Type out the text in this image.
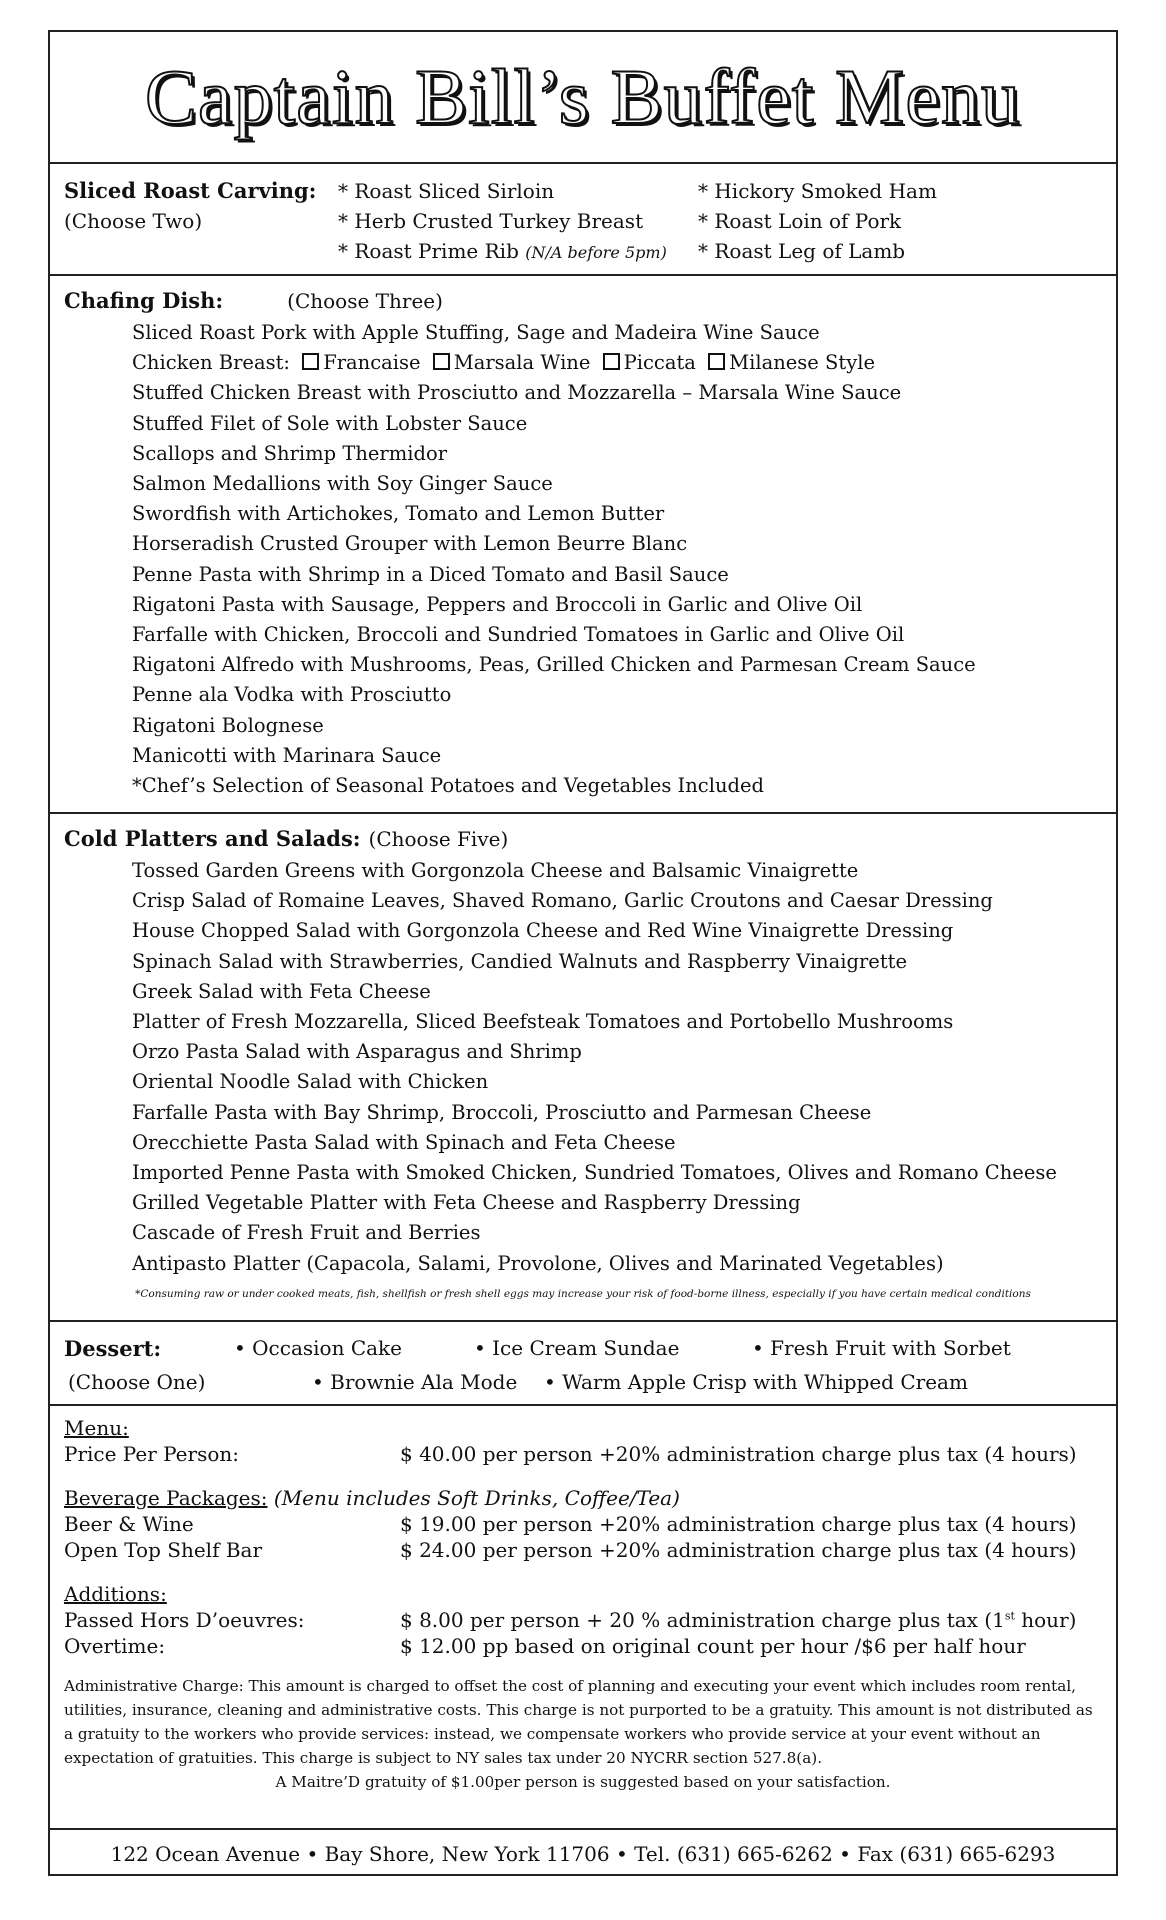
Captain Bill’s Buffet Menu
Sliced Roast Carving:
(Choose Two)
* Roast Sliced Sirloin
* Herb Crusted Turkey Breast
* Roast Prime Rib (N/A before 5pm)
* Hickory Smoked Ham
* Roast Loin of Pork
* Roast Leg of Lamb
Chafing Dish:	(Choose Three)
Sliced Roast Pork with Apple Stuffing, Sage and Madeira Wine Sauce
Chicken Breast: Francaise Marsala Wine Piccata Milanese Style
Stuffed Chicken Breast with Prosciutto and Mozzarella – Marsala Wine Sauce
Stuffed Filet of Sole with Lobster Sauce
Scallops and Shrimp Thermidor
Salmon Medallions with Soy Ginger Sauce
Swordfish with Artichokes, Tomato and Lemon Butter
Horseradish Crusted Grouper with Lemon Beurre Blanc
Penne Pasta with Shrimp in a Diced Tomato and Basil Sauce
Rigatoni Pasta with Sausage, Peppers and Broccoli in Garlic and Olive Oil
Farfalle with Chicken, Broccoli and Sundried Tomatoes in Garlic and Olive Oil
Rigatoni Alfredo with Mushrooms, Peas, Grilled Chicken and Parmesan Cream Sauce
Penne ala Vodka with Prosciutto
Rigatoni Bolognese
Manicotti with Marinara Sauce
*Chef’s Selection of Seasonal Potatoes and Vegetables Included
Cold Platters and Salads: (Choose Five)
Tossed Garden Greens with Gorgonzola Cheese and Balsamic Vinaigrette
Crisp Salad of Romaine Leaves, Shaved Romano, Garlic Croutons and Caesar Dressing
House Chopped Salad with Gorgonzola Cheese and Red Wine Vinaigrette Dressing
Spinach Salad with Strawberries, Candied Walnuts and Raspberry Vinaigrette
Greek Salad with Feta Cheese
Platter of Fresh Mozzarella, Sliced Beefsteak Tomatoes and Portobello Mushrooms
Orzo Pasta Salad with Asparagus and Shrimp
Oriental Noodle Salad with Chicken
Farfalle Pasta with Bay Shrimp, Broccoli, Prosciutto and Parmesan Cheese
Orecchiette Pasta Salad with Spinach and Feta Cheese
Imported Penne Pasta with Smoked Chicken, Sundried Tomatoes, Olives and Romano Cheese
Grilled Vegetable Platter with Feta Cheese and Raspberry Dressing
Cascade of Fresh Fruit and Berries
Antipasto Platter (Capacola, Salami, Provolone, Olives and Marinated Vegetables)
*Consuming raw or under cooked meats, fish, shellfish or fresh shell eggs may increase your risk of food-borne illness, especially if you have certain medical conditions
Dessert:
(Choose One)
• Occasion Cake	• Ice Cream Sundae	• Fresh Fruit with Sorbet
• Brownie Ala Mode • Warm Apple Crisp with Whipped Cream
Menu:
Price Per Person:	$ 40.00 per person +20% administration charge plus tax (4 hours)
Beverage Packages: (Menu includes Soft Drinks, Coffee/Tea)
Beer & Wine	$ 19.00 per person +20% administration charge plus tax (4 hours)
Open Top Shelf Bar	$ 24.00 per person +20% administration charge plus tax (4 hours)
Additions:
Passed Hors D’oeuvres:	$ 8.00 per person + 20 % administration charge plus tax (1st hour)
Overtime:	$ 12.00 pp based on original count per hour /$6 per half hour
Administrative Charge: This amount is charged to offset the cost of planning and executing your event which includes room rental, utilities, insurance, cleaning and administrative costs. This charge is not purported to be a gratuity. This amount is not distributed as a gratuity to the workers who provide services: instead, we compensate workers who provide service at your event without an expectation of gratuities. This charge is subject to NY sales tax under 20 NYCRR section 527.8(a).
A Maitre’D gratuity of $1.00per person is suggested based on your satisfaction.
122 Ocean Avenue • Bay Shore, New York 11706 • Tel. (631) 665-6262 • Fax (631) 665-6293
